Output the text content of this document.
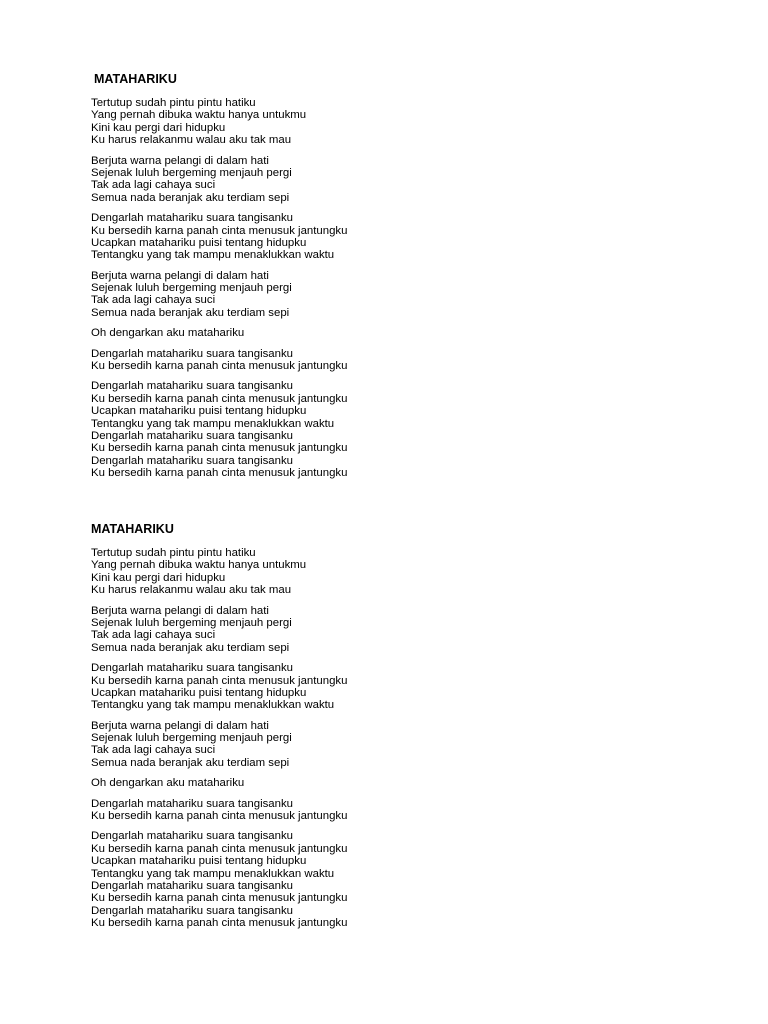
MATAHARIKU
Tertutup sudah pintu pintu hatiku
Yang pernah dibuka waktu hanya untukmu
Kini kau pergi dari hidupku
Ku harus relakanmu walau aku tak mau
Berjuta warna pelangi di dalam hati
Sejenak luluh bergeming menjauh pergi
Tak ada lagi cahaya suci
Semua nada beranjak aku terdiam sepi
Dengarlah matahariku suara tangisanku
Ku bersedih karna panah cinta menusuk jantungku
Ucapkan matahariku puisi tentang hidupku
Tentangku yang tak mampu menaklukkan waktu
Berjuta warna pelangi di dalam hati
Sejenak luluh bergeming menjauh pergi
Tak ada lagi cahaya suci
Semua nada beranjak aku terdiam sepi
Oh dengarkan aku matahariku
Dengarlah matahariku suara tangisanku
Ku bersedih karna panah cinta menusuk jantungku
Dengarlah matahariku suara tangisanku
Ku bersedih karna panah cinta menusuk jantungku
Ucapkan matahariku puisi tentang hidupku
Tentangku yang tak mampu menaklukkan waktu
Dengarlah matahariku suara tangisanku
Ku bersedih karna panah cinta menusuk jantungku
Dengarlah matahariku suara tangisanku
Ku bersedih karna panah cinta menusuk jantungku
MATAHARIKU
Tertutup sudah pintu pintu hatiku
Yang pernah dibuka waktu hanya untukmu
Kini kau pergi dari hidupku
Ku harus relakanmu walau aku tak mau
Berjuta warna pelangi di dalam hati
Sejenak luluh bergeming menjauh pergi
Tak ada lagi cahaya suci
Semua nada beranjak aku terdiam sepi
Dengarlah matahariku suara tangisanku
Ku bersedih karna panah cinta menusuk jantungku
Ucapkan matahariku puisi tentang hidupku
Tentangku yang tak mampu menaklukkan waktu
Berjuta warna pelangi di dalam hati
Sejenak luluh bergeming menjauh pergi
Tak ada lagi cahaya suci
Semua nada beranjak aku terdiam sepi
Oh dengarkan aku matahariku
Dengarlah matahariku suara tangisanku
Ku bersedih karna panah cinta menusuk jantungku
Dengarlah matahariku suara tangisanku
Ku bersedih karna panah cinta menusuk jantungku
Ucapkan matahariku puisi tentang hidupku
Tentangku yang tak mampu menaklukkan waktu
Dengarlah matahariku suara tangisanku
Ku bersedih karna panah cinta menusuk jantungku
Dengarlah matahariku suara tangisanku
Ku bersedih karna panah cinta menusuk jantungku
